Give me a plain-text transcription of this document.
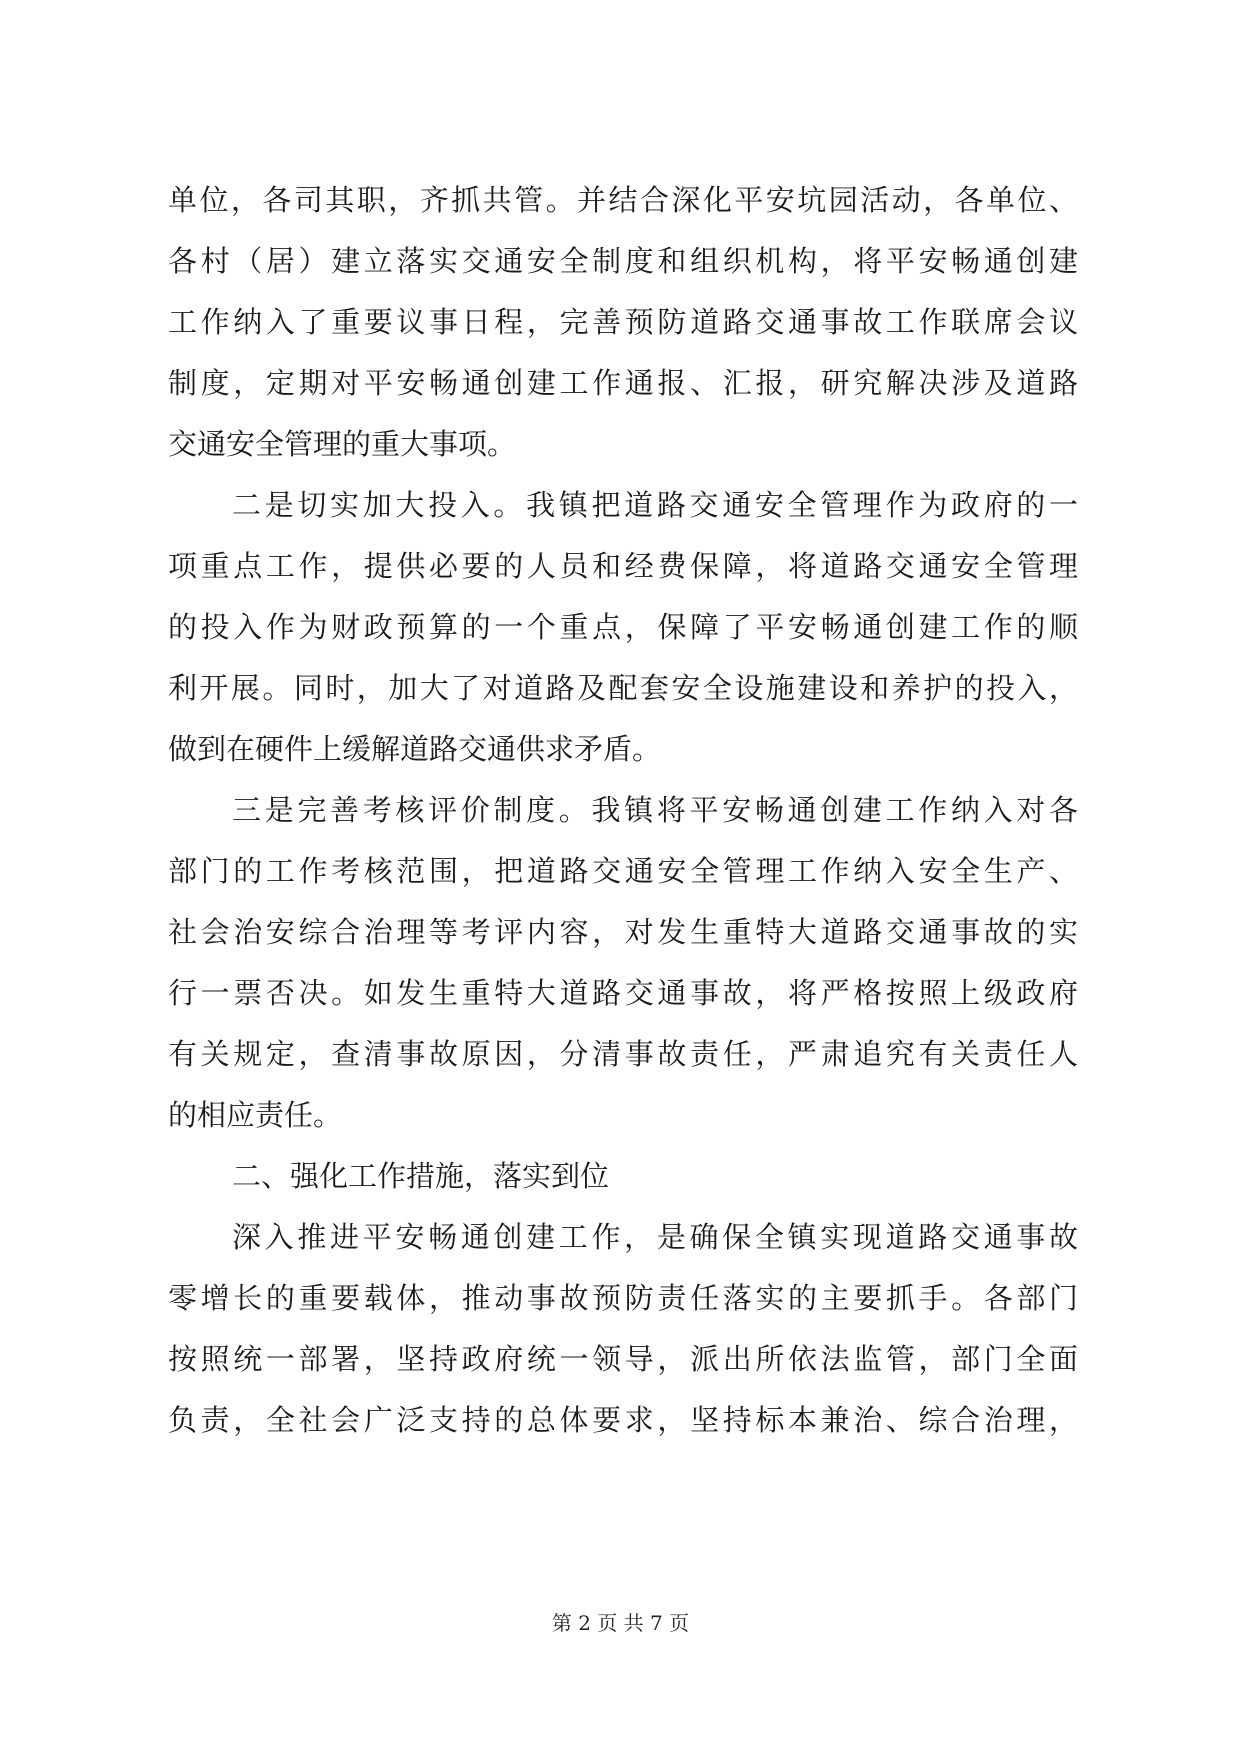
单位，各司其职，齐抓共管。并结合深化平安坑园活动，各单位、
各村（居）建立落实交通安全制度和组织机构，将平安畅通创建
工作纳入了重要议事日程，完善预防道路交通事故工作联席会议
制度，定期对平安畅通创建工作通报、汇报，研究解决涉及道路
交通安全管理的重大事项。
二是切实加大投入。我镇把道路交通安全管理作为政府的一
项重点工作，提供必要的人员和经费保障，将道路交通安全管理
的投入作为财政预算的一个重点，保障了平安畅通创建工作的顺
利开展。同时，加大了对道路及配套安全设施建设和养护的投入，
做到在硬件上缓解道路交通供求矛盾。
三是完善考核评价制度。我镇将平安畅通创建工作纳入对各
部门的工作考核范围，把道路交通安全管理工作纳入安全生产、
社会治安综合治理等考评内容，对发生重特大道路交通事故的实
行一票否决。如发生重特大道路交通事故，将严格按照上级政府
有关规定，查清事故原因，分清事故责任，严肃追究有关责任人
的相应责任。
二、强化工作措施，落实到位
深入推进平安畅通创建工作，是确保全镇实现道路交通事故
零增长的重要载体，推动事故预防责任落实的主要抓手。各部门
按照统一部署，坚持政府统一领导，派出所依法监管，部门全面
负责，全社会广泛支持的总体要求，坚持标本兼治、综合治理，
第 2 页 共 7 页
